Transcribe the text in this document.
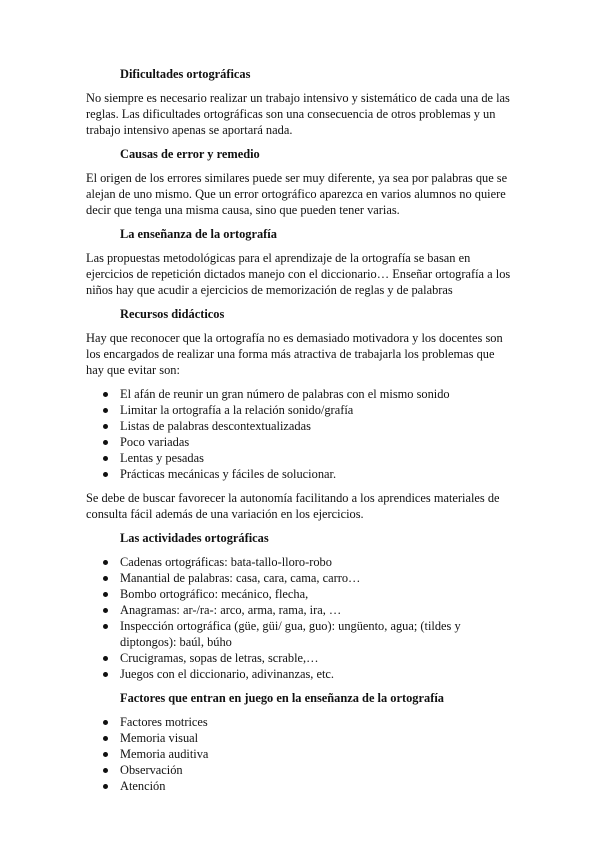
Dificultades ortográficas

No siempre es necesario realizar un trabajo intensivo y sistemático de cada una de las reglas. Las dificultades ortográficas son una consecuencia de otros problemas y un trabajo intensivo apenas se aportará nada.

Causas de error y remedio

El origen de los errores similares puede ser muy diferente, ya sea por palabras que se alejan de uno mismo. Que un error ortográfico aparezca en varios alumnos no quiere decir que tenga una misma causa, sino que pueden tener varias.

La enseñanza de la ortografía

Las propuestas metodológicas para el aprendizaje de la ortografía se basan en ejercicios de repetición dictados manejo con el diccionario… Enseñar ortografía a los niños hay que acudir a ejercicios de memorización de reglas y de palabras

Recursos didácticos

Hay que reconocer que la ortografía no es demasiado motivadora y los docentes son los encargados de realizar una forma más atractiva de trabajarla los problemas que hay que evitar son:

El afán de reunir un gran número de palabras con el mismo sonido
Limitar la ortografía a la relación sonido/grafía
Listas de palabras descontextualizadas
Poco variadas
Lentas y pesadas
Prácticas mecánicas y fáciles de solucionar.

Se debe de buscar favorecer la autonomía facilitando a los aprendices materiales de consulta fácil además de una variación en los ejercicios.

Las actividades ortográficas
Cadenas ortográficas: bata-tallo-lloro-robo
Manantial de palabras: casa, cara, cama, carro…
Bombo ortográfico: mecánico, flecha,
Anagramas: ar-/ra-: arco, arma, rama, ira, …
Inspección ortográfica (güe, güi/ gua, guo): ungüento, agua; (tildes y diptongos): baúl, búho
Crucigramas, sopas de letras, scrable,…
Juegos con el diccionario, adivinanzas, etc.
Factores que entran en juego en la enseñanza de la ortografía
Factores motrices
Memoria visual
Memoria auditiva
Observación
Atención
